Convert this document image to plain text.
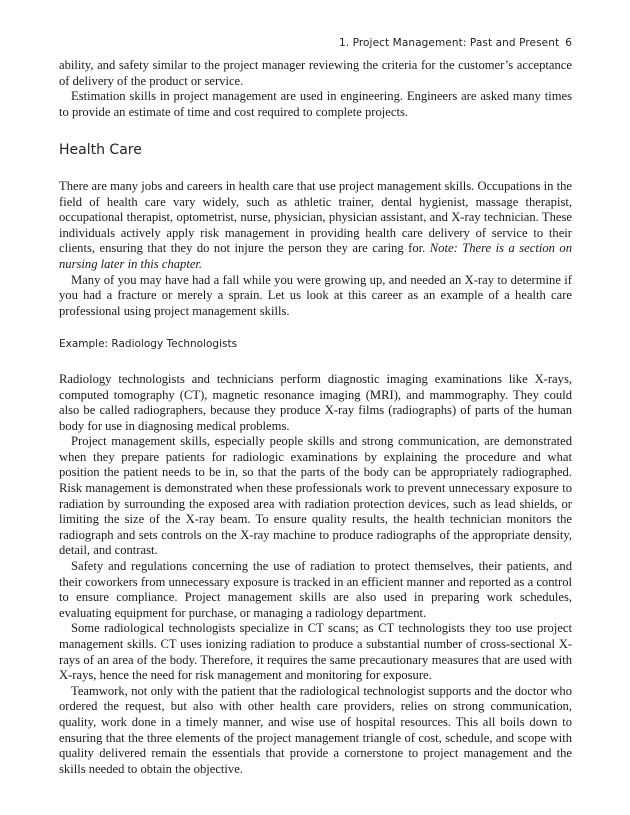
1. Project Management: Past and Present 6

ability, and safety similar to the project manager reviewing the criteria for the customer’s acceptance of delivery of the product or service.

Estimation skills in project management are used in engineering. Engineers are asked many times to provide an estimate of time and cost required to complete projects.

Health Care

There are many jobs and careers in health care that use project management skills. Occupations in the field of health care vary widely, such as athletic trainer, dental hygienist, massage therapist, occupational therapist, optometrist, nurse, physician, physician assistant, and X-ray technician. These individuals actively apply risk management in providing health care delivery of service to their clients, ensuring that they do not injure the person they are caring for. Note: There is a section on nursing later in this chapter.

Many of you may have had a fall while you were growing up, and needed an X-ray to determine if you had a fracture or merely a sprain. Let us look at this career as an example of a health care professional using project management skills.

Example: Radiology Technologists

Radiology technologists and technicians perform diagnostic imaging examinations like X-rays, computed tomography (CT), magnetic resonance imaging (MRI), and mammography. They could also be called radiographers, because they produce X-ray films (radiographs) of parts of the human body for use in diagnosing medical problems.

Project management skills, especially people skills and strong communication, are demonstrated when they prepare patients for radiologic examinations by explaining the procedure and what position the patient needs to be in, so that the parts of the body can be appropriately radiographed. Risk management is demonstrated when these professionals work to prevent unnecessary exposure to radiation by surrounding the exposed area with radiation protection devices, such as lead shields, or limiting the size of the X-ray beam. To ensure quality results, the health technician monitors the radiograph and sets controls on the X-ray machine to produce radiographs of the appropriate density, detail, and contrast.

Safety and regulations concerning the use of radiation to protect themselves, their patients, and their coworkers from unnecessary exposure is tracked in an efficient manner and reported as a control to ensure compliance. Project management skills are also used in preparing work schedules, evaluating equipment for purchase, or managing a radiology department.

Some radiological technologists specialize in CT scans; as CT technologists they too use project management skills. CT uses ionizing radiation to produce a substantial number of cross-sectional X-rays of an area of the body. Therefore, it requires the same precautionary measures that are used with X-rays, hence the need for risk management and monitoring for exposure.

Teamwork, not only with the patient that the radiological technologist supports and the doctor who ordered the request, but also with other health care providers, relies on strong communication, quality, work done in a timely manner, and wise use of hospital resources. This all boils down to ensuring that the three elements of the project management triangle of cost, schedule, and scope with quality delivered remain the essentials that provide a cornerstone to project management and the skills needed to obtain the objective.
